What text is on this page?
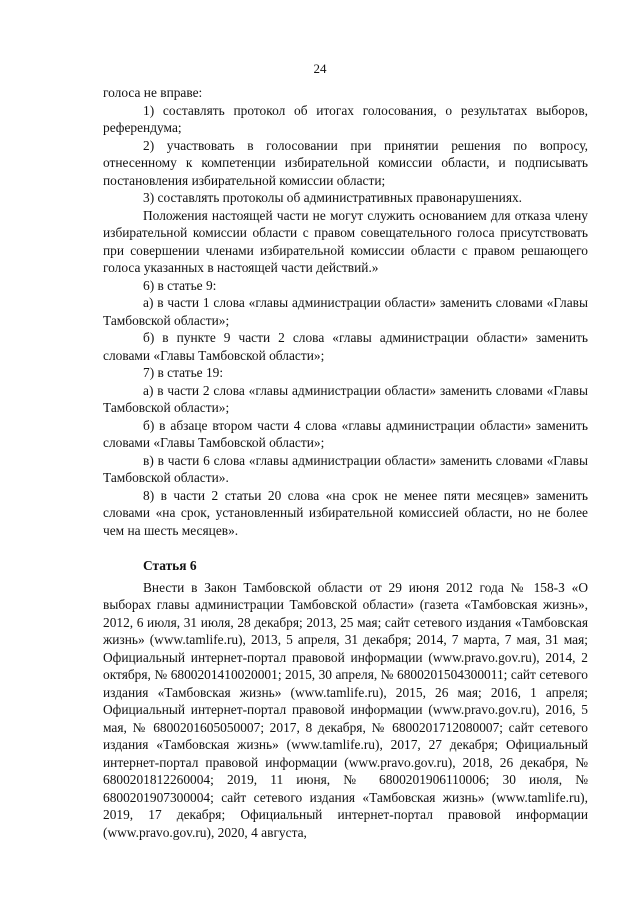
24

голоса не вправе:

1) составлять протокол об итогах голосования, о результатах выборов, референдума;

2) участвовать в голосовании при принятии решения по вопросу, отнесенному к компетенции избирательной комиссии области, и подписывать постановления избирательной комиссии области;

3) составлять протоколы об административных правонарушениях.

Положения настоящей части не могут служить основанием для отказа члену избирательной комиссии области с правом совещательного голоса присутствовать при совершении членами избирательной комиссии области с правом решающего голоса указанных в настоящей части действий.»

6) в статье 9:

а) в части 1 слова «главы администрации области» заменить словами «Главы Тамбовской области»;

б) в пункте 9 части 2 слова «главы администрации области» заменить словами «Главы Тамбовской области»;

7) в статье 19:

а) в части 2 слова «главы администрации области» заменить словами «Главы Тамбовской области»;

б) в абзаце втором части 4 слова «главы администрации области» заменить словами «Главы Тамбовской области»;

в) в части 6 слова «главы администрации области» заменить словами «Главы Тамбовской области».

8) в части 2 статьи 20 слова «на срок не менее пяти месяцев» заменить словами «на срок, установленный избирательной комиссией области, но не более чем на шесть месяцев».

Статья 6

Внести в Закон Тамбовской области от 29 июня 2012 года № 158-З «О выборах главы администрации Тамбовской области» (газета «Тамбовская жизнь», 2012, 6 июля, 31 июля, 28 декабря; 2013, 25 мая; сайт сетевого издания «Тамбовская жизнь» (www.tamlife.ru), 2013, 5 апреля, 31 декабря; 2014, 7 марта, 7 мая, 31 мая; Официальный интернет-портал правовой информации (www.pravo.gov.ru), 2014, 2 октября, № 6800201410020001; 2015, 30 апреля, № 6800201504300011; сайт сетевого издания «Тамбовская жизнь» (www.tamlife.ru), 2015, 26 мая; 2016, 1 апреля; Официальный интернет-портал правовой информации (www.pravo.gov.ru), 2016, 5 мая, № 6800201605050007; 2017, 8 декабря, № 6800201712080007; сайт сетевого издания «Тамбовская жизнь» (www.tamlife.ru), 2017, 27 декабря; Официальный интернет-портал правовой информации (www.pravo.gov.ru), 2018, 26 декабря, № 6800201812260004; 2019, 11 июня, № 6800201906110006; 30 июля, № 6800201907300004; сайт сетевого издания «Тамбовская жизнь» (www.tamlife.ru), 2019, 17 декабря; Официальный интернет-портал правовой информации (www.pravo.gov.ru), 2020, 4 августа,
